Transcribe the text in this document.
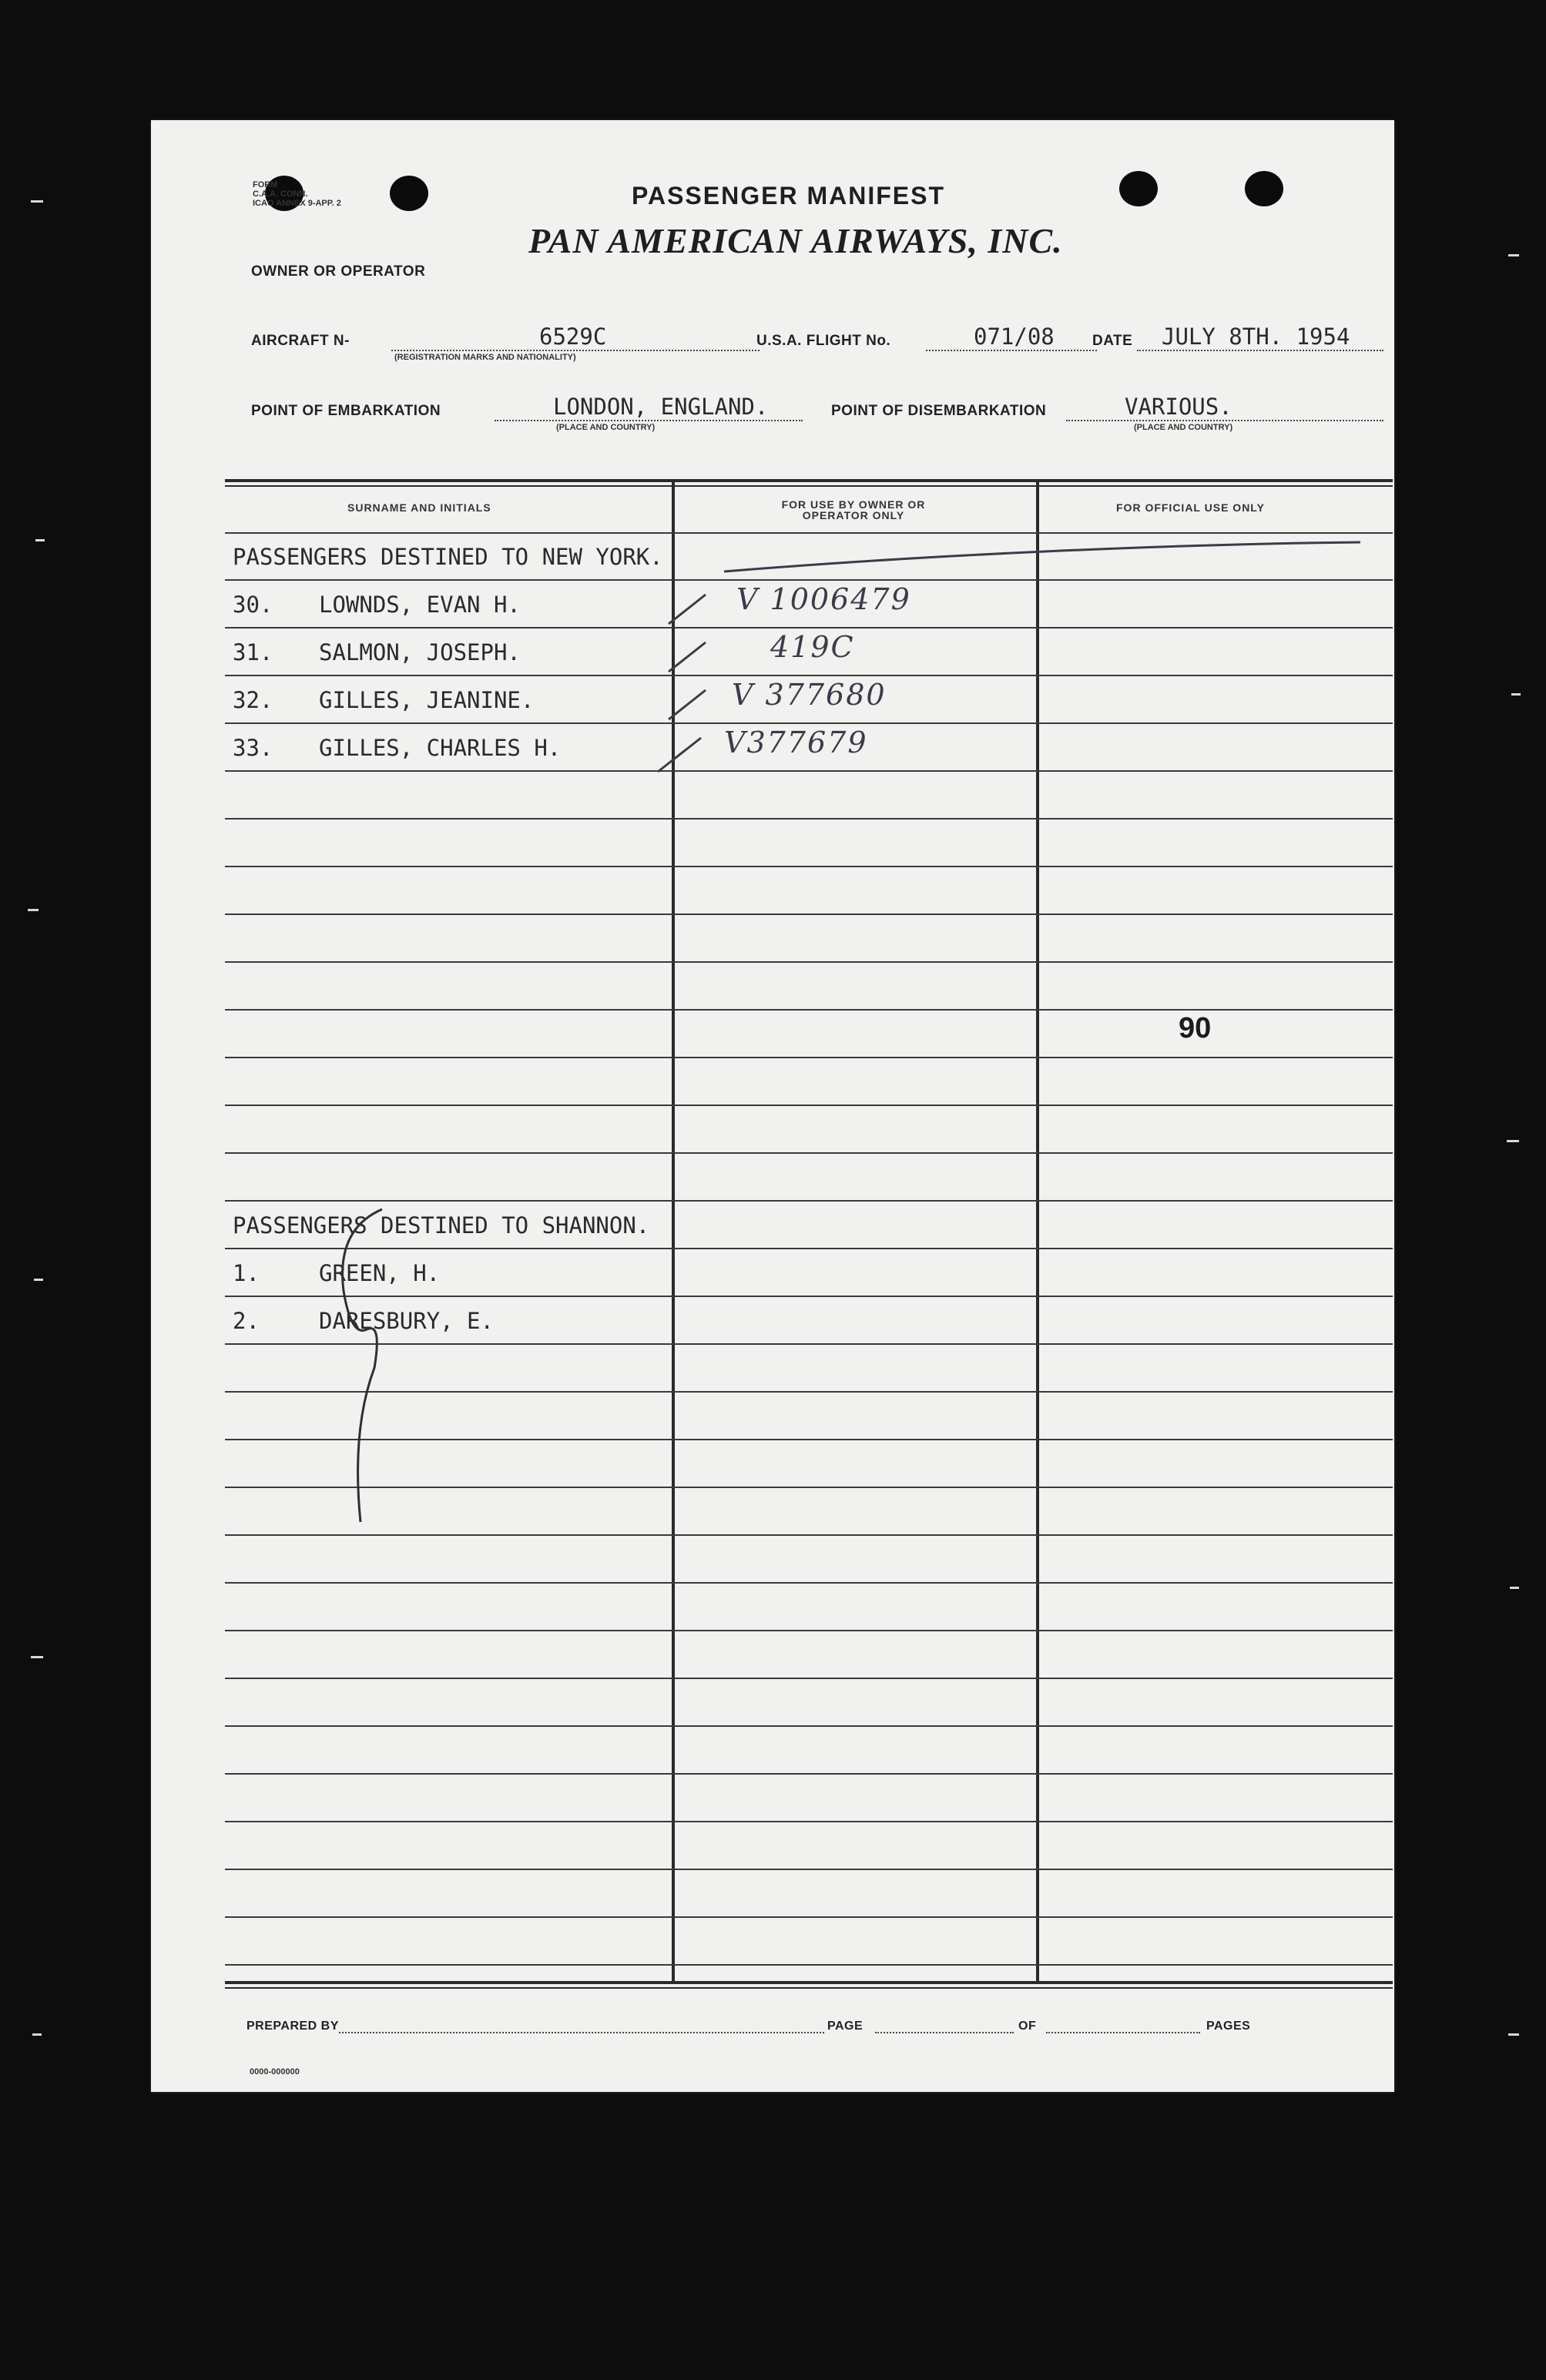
FORM
C.A.A. CONN.
ICAO ANNEX 9-APP. 2	PASSENGER MANIFEST
PAN AMERICAN AIRWAYS, INC.
OWNER OR OPERATOR
AIRCRAFT N-	6529C
(REGISTRATION MARKS AND NATIONALITY)
U.S.A. FLIGHT No.	071/08	DATE JULY 8TH. 1954
POINT OF EMBARKATION	LONDON, ENGLAND.
(PLACE AND COUNTRY)
POINT OF DISEMBARKATION	VARIOUS.
(PLACE AND COUNTRY)
SURNAME AND INITIALS	FOR USE BY OWNER OR OPERATOR ONLY
FOR OFFICIAL USE ONLY
PASSENGERS DESTINED TO NEW YORK.
30. LOWNDS, EVAN H.	V 1006479
31. SALMON, JOSEPH.	419C
32. GILLES, JEANINE.	V 377680
33. GILLES, CHARLES H.	V377679
90
PASSENGERS DESTINED TO SHANNON.
1.	GREEN, H.
2.	DARESBURY, E.
PREPARED BY	PAGE	OF	PAGES
0000-000000
